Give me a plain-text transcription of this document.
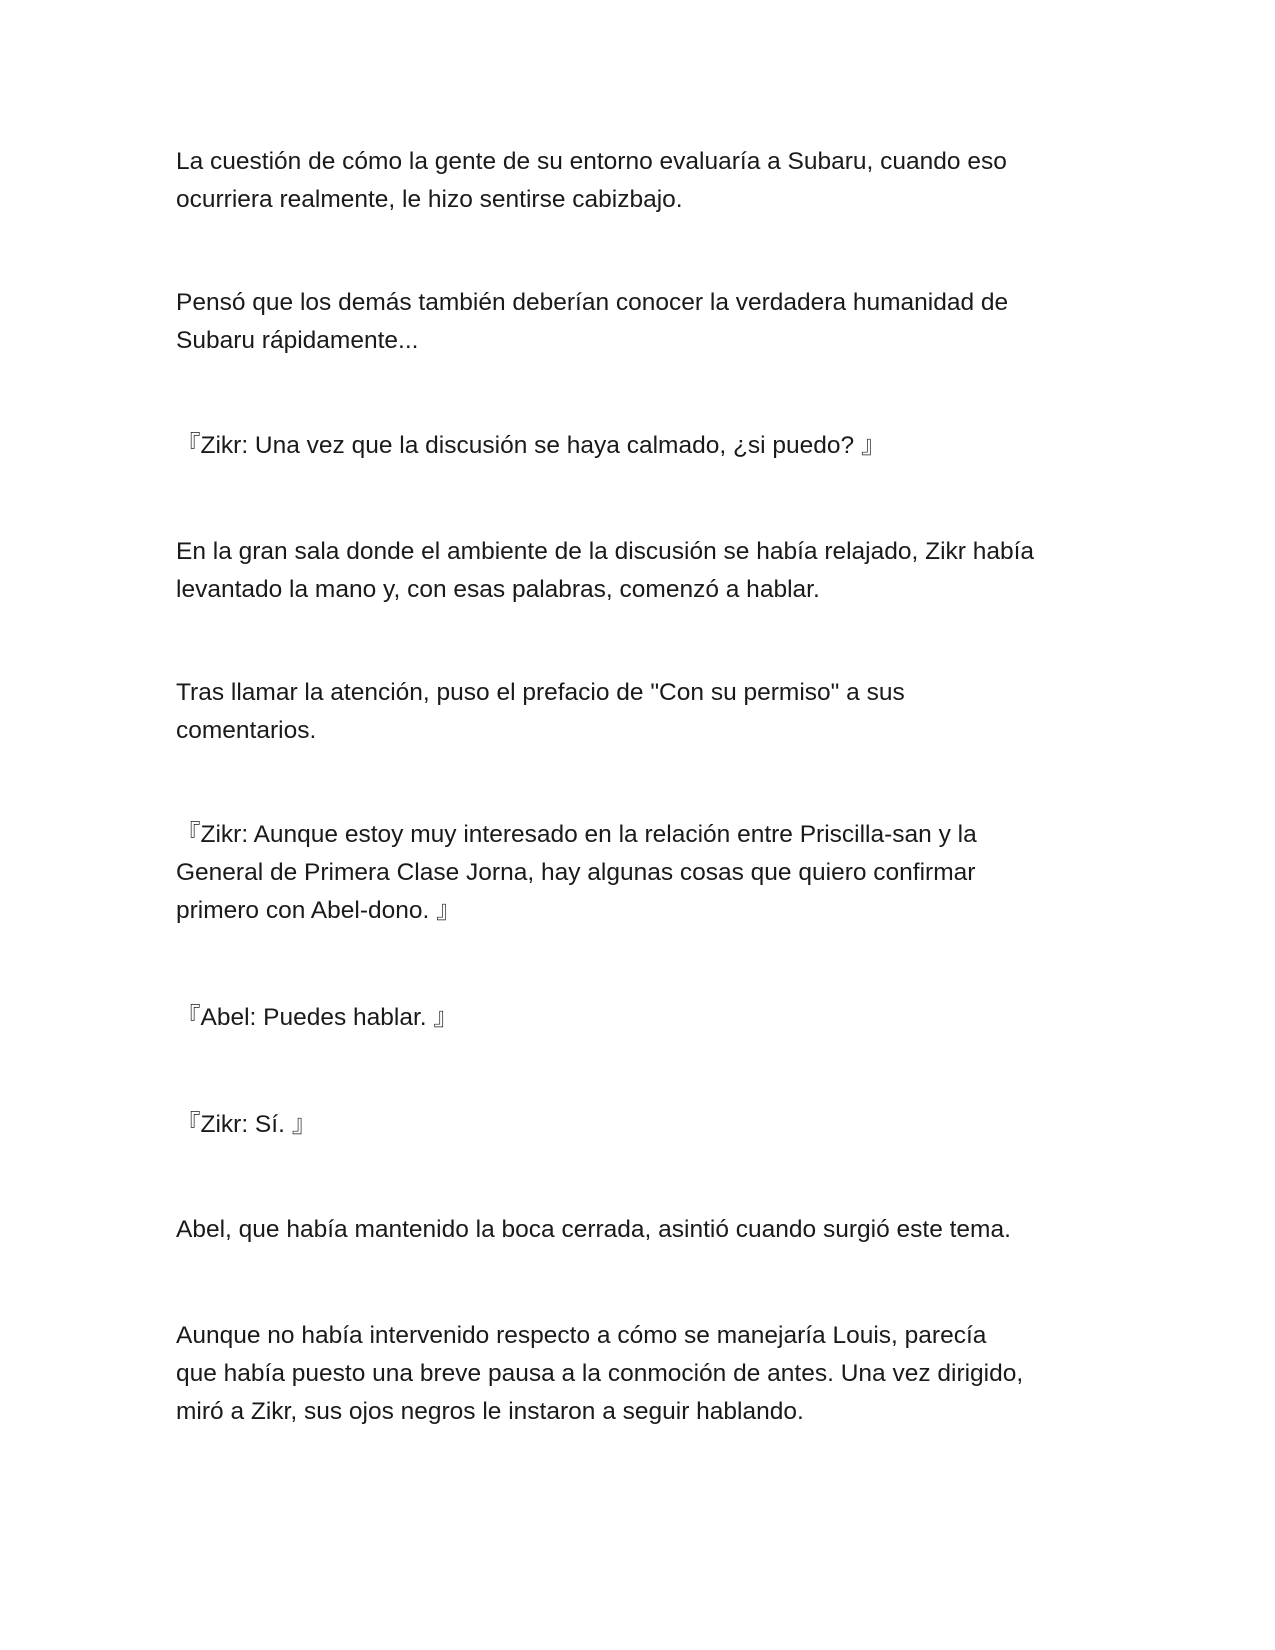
La cuestión de cómo la gente de su entorno evaluaría a Subaru, cuando eso
ocurriera realmente, le hizo sentirse cabizbajo.

Pensó que los demás también deberían conocer la verdadera humanidad de
Subaru rápidamente...

『Zikr: Una vez que la discusión se haya calmado, ¿si puedo? 』

En la gran sala donde el ambiente de la discusión se había relajado, Zikr había
levantado la mano y, con esas palabras, comenzó a hablar.

Tras llamar la atención, puso el prefacio de "Con su permiso" a sus
comentarios.

『Zikr: Aunque estoy muy interesado en la relación entre Priscilla-san y la
General de Primera Clase Jorna, hay algunas cosas que quiero confirmar
primero con Abel-dono. 』

『Abel: Puedes hablar. 』

『Zikr: Sí. 』

Abel, que había mantenido la boca cerrada, asintió cuando surgió este tema.

Aunque no había intervenido respecto a cómo se manejaría Louis, parecía
que había puesto una breve pausa a la conmoción de antes. Una vez dirigido,
miró a Zikr, sus ojos negros le instaron a seguir hablando.
